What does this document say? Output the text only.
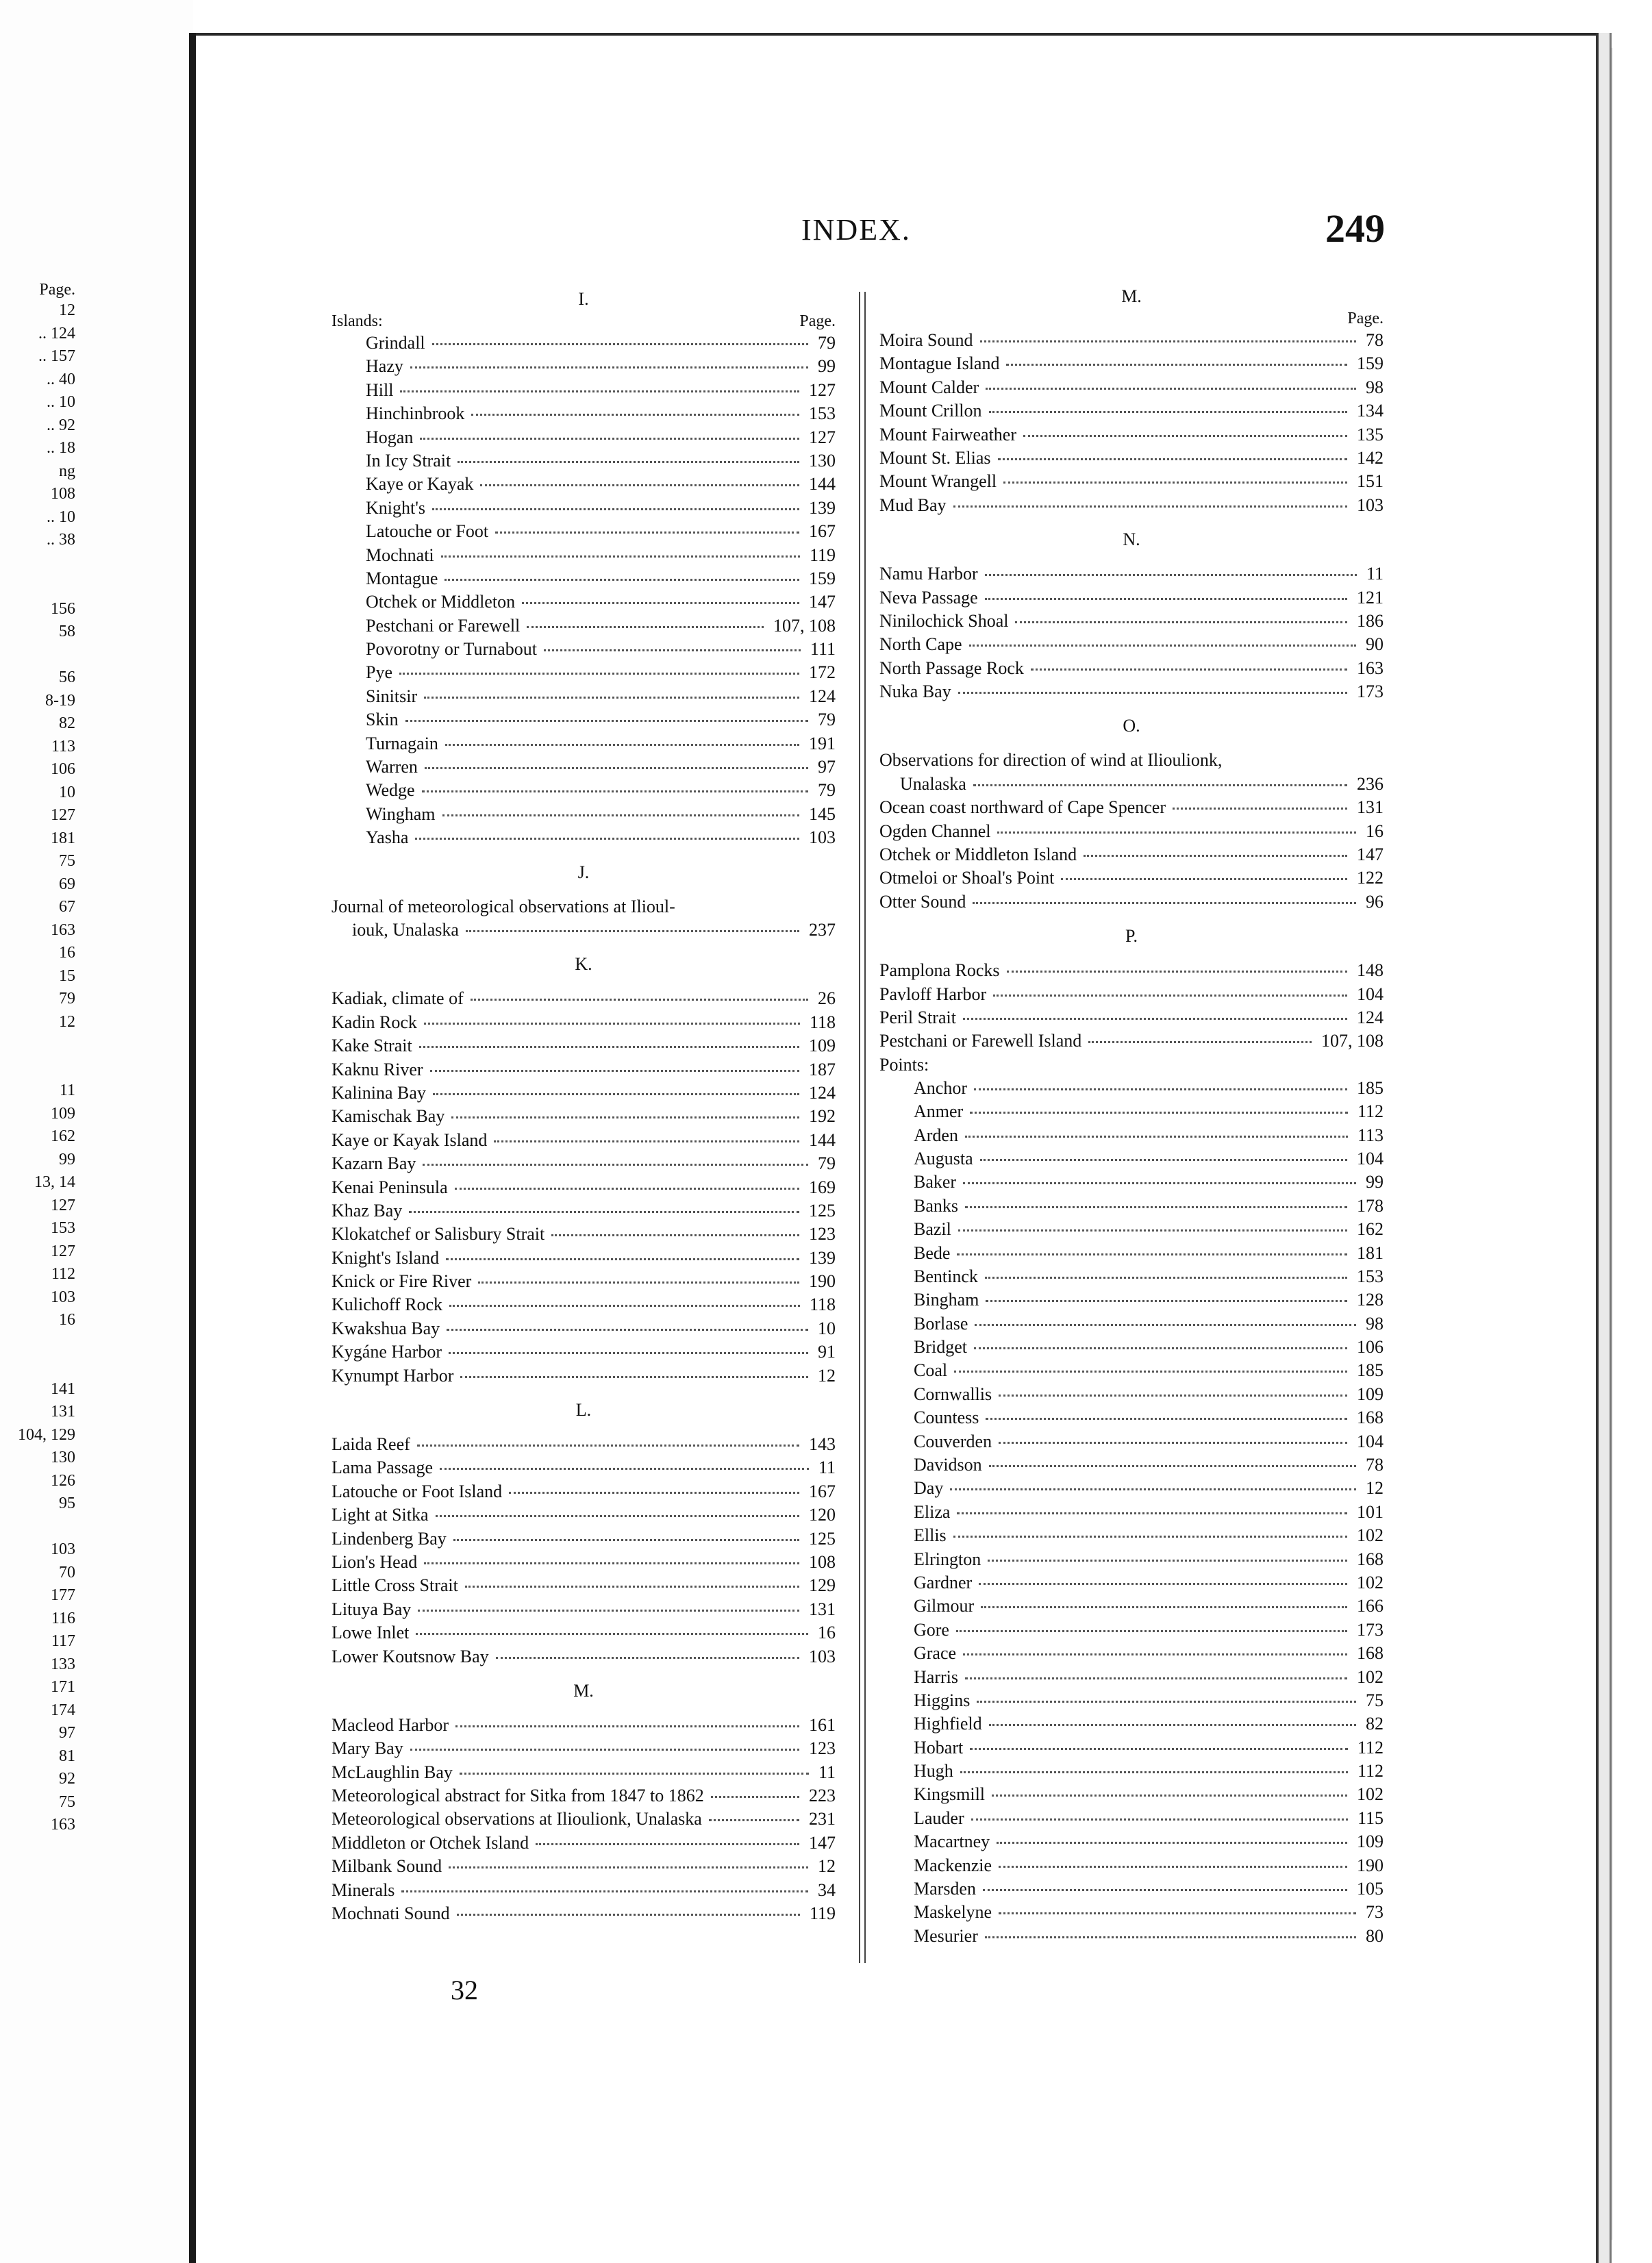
Page.
12
.. 124
.. 157
.. 40
.. 10
.. 92
.. 18
ng
108
.. 10
.. 38
156
58
56
8-19
82
113
106
10
127
181
75
69
67
163
16
15
79
12
11
109
162
99
13, 14
127
153
127
112
103
16
141
131
104, 129
130
126
95
103
70
177
116
117
133
171
174
97
81
92
75
163
INDEX.	249
I.
Islands:	Page.
Grindall	79
Hazy	99
Hill	127
Hinchinbrook	153
Hogan	127
In Icy Strait	130
Kaye or Kayak	144
Knight's	139
Latouche or Foot	167
Mochnati	119
Montague	159
Otchek or Middleton	147
Pestchani or Farewell	107, 108
Povorotny or Turnabout	111
Pye	172
Sinitsir	124
Skin	79
Turnagain	191
Warren	97
Wedge	79
Wingham	145
Yasha	103
J.
Journal of meteorological observations at Ilioul-
iouk, Unalaska	237
K.
Kadiak, climate of	26
Kadin Rock	118
Kake Strait	109
Kaknu River	187
Kalinina Bay	124
Kamischak Bay	192
Kaye or Kayak Island	144
Kazarn Bay	79
Kenai Peninsula	169
Khaz Bay	125
Klokatchef or Salisbury Strait	123
Knight's Island	139
Knick or Fire River	190
Kulichoff Rock	118
Kwakshua Bay	10
Kygáne Harbor	91
Kynumpt Harbor	12
L.
Laida Reef	143
Lama Passage	11
Latouche or Foot Island	167
Light at Sitka	120
Lindenberg Bay	125
Lion's Head	108
Little Cross Strait	129
Lituya Bay	131
Lowe Inlet	16
Lower Koutsnow Bay	103
M.
Macleod Harbor	161
Mary Bay	123
McLaughlin Bay	11
Meteorological abstract for Sitka from 1847 to 1862	223
Meteorological observations at Ilioulionk, Unalaska	231
Middleton or Otchek Island	147
Milbank Sound	12
Minerals	34
Mochnati Sound	119
M.
Page.
Moira Sound	78
Montague Island	159
Mount Calder	98
Mount Crillon	134
Mount Fairweather	135
Mount St. Elias	142
Mount Wrangell	151
Mud Bay	103
N.
Namu Harbor	11
Neva Passage	121
Ninilochick Shoal	186
North Cape	90
North Passage Rock	163
Nuka Bay	173
O.
Observations for direction of wind at Ilioulionk,
Unalaska	236
Ocean coast northward of Cape Spencer	131
Ogden Channel	16
Otchek or Middleton Island	147
Otmeloi or Shoal's Point	122
Otter Sound	96
P.
Pamplona Rocks	148
Pavloff Harbor	104
Peril Strait	124
Pestchani or Farewell Island	107, 108
Points:
Anchor	185
Anmer	112
Arden	113
Augusta	104
Baker	99
Banks	178
Bazil	162
Bede	181
Bentinck	153
Bingham	128
Borlase	98
Bridget	106
Coal	185
Cornwallis	109
Countess	168
Couverden	104
Davidson	78
Day	12
Eliza	101
Ellis	102
Elrington	168
Gardner	102
Gilmour	166
Gore	173
Grace	168
Harris	102
Higgins	75
Highfield	82
Hobart	112
Hugh	112
Kingsmill	102
Lauder	115
Macartney	109
Mackenzie	190
Marsden	105
Maskelyne	73
Mesurier	80
32
